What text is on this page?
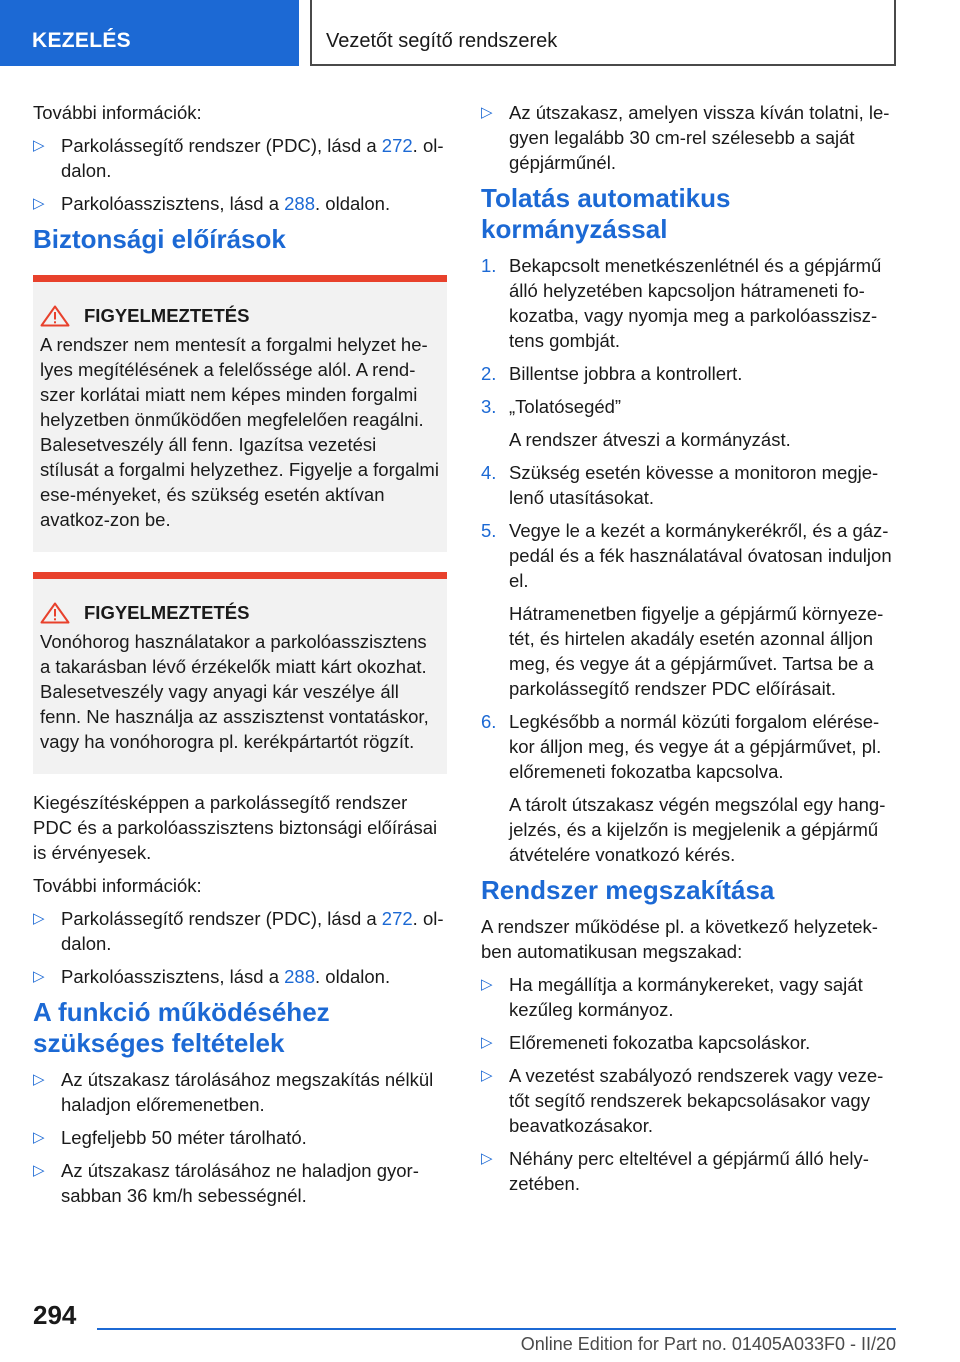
KEZELÉS	Vezetőt segítő rendszerek

További információk:

▷ Parkolássegítő rendszer (PDC), lásd a 272. ol-dalon.
▷ Parkolóasszisztens, lásd a 288. oldalon.
Biztonsági előírások
FIGYELMEZTETÉS
A rendszer nem mentesít a forgalmi helyzet he-lyes megítélésének a felelőssége alól. A rend-szer korlátai miatt nem képes minden forgalmi helyzetben önműködően megfelelően reagálni. Balesetveszély áll fenn. Igazítsa vezetési stílusát a forgalmi helyzethez. Figyelje a forgalmi ese-ményeket, és szükség esetén aktívan avatkoz-zon be.
FIGYELMEZTETÉS
Vonóhorog használatakor a parkolóasszisztens a takarásban lévő érzékelők miatt kárt okozhat. Balesetveszély vagy anyagi kár veszélye áll fenn. Ne használja az asszisztenst vontatáskor, vagy ha vonóhorogra pl. kerékpártartót rögzít.

Kiegészítésképpen a parkolássegítő rendszer PDC és a parkolóasszisztens biztonsági előírásai is érvényesek.

További információk:

▷ Parkolássegítő rendszer (PDC), lásd a 272. ol-dalon.
▷ Parkolóasszisztens, lásd a 288. oldalon.
A funkció működéséhez szükséges feltételek
▷ Az útszakasz tárolásához megszakítás nélkül haladjon előremenetben.
▷ Legfeljebb 50 méter tárolható.
▷ Az útszakasz tárolásához ne haladjon gyor-sabban 36 km/h sebességnél.
▷ Az útszakasz, amelyen vissza kíván tolatni, le-gyen legalább 30 cm-rel szélesebb a saját gépjárműnél.
Tolatás automatikus kormányzással
1. Bekapcsolt menetkészenlétnél és a gépjármű álló helyzetében kapcsoljon hátrameneti fo-kozatba, vagy nyomja meg a parkolóasszisz-tens gombját.
2. Billentse jobbra a kontrollert.
3. „Tolatósegéd”

A rendszer átveszi a kormányzást.

4. Szükség esetén kövesse a monitoron megje-lenő utasításokat.
5. Vegye le a kezét a kormánykerékről, és a gáz-pedál és a fék használatával óvatosan induljon el.

Hátramenetben figyelje a gépjármű környeze-tét, és hirtelen akadály esetén azonnal álljon meg, és vegye át a gépjárművet. Tartsa be a parkolássegítő rendszer PDC előírásait.

6. Legkésőbb a normál közúti forgalom elérése-kor álljon meg, és vegye át a gépjárművet, pl. előremeneti fokozatba kapcsolva.

A tárolt útszakasz végén megszólal egy hang-jelzés, és a kijelzőn is megjelenik a gépjármű átvételére vonatkozó kérés.

Rendszer megszakítása

A rendszer működése pl. a következő helyzetek-ben automatikusan megszakad:

▷ Ha megállítja a kormánykereket, vagy saját kezűleg kormányoz.
▷ Előremeneti fokozatba kapcsoláskor.
▷ A vezetést szabályozó rendszerek vagy veze-tőt segítő rendszerek bekapcsolásakor vagy beavatkozásakor.
▷ Néhány perc elteltével a gépjármű álló hely-zetében.
294
Online Edition for Part no. 01405A033F0 - II/20
